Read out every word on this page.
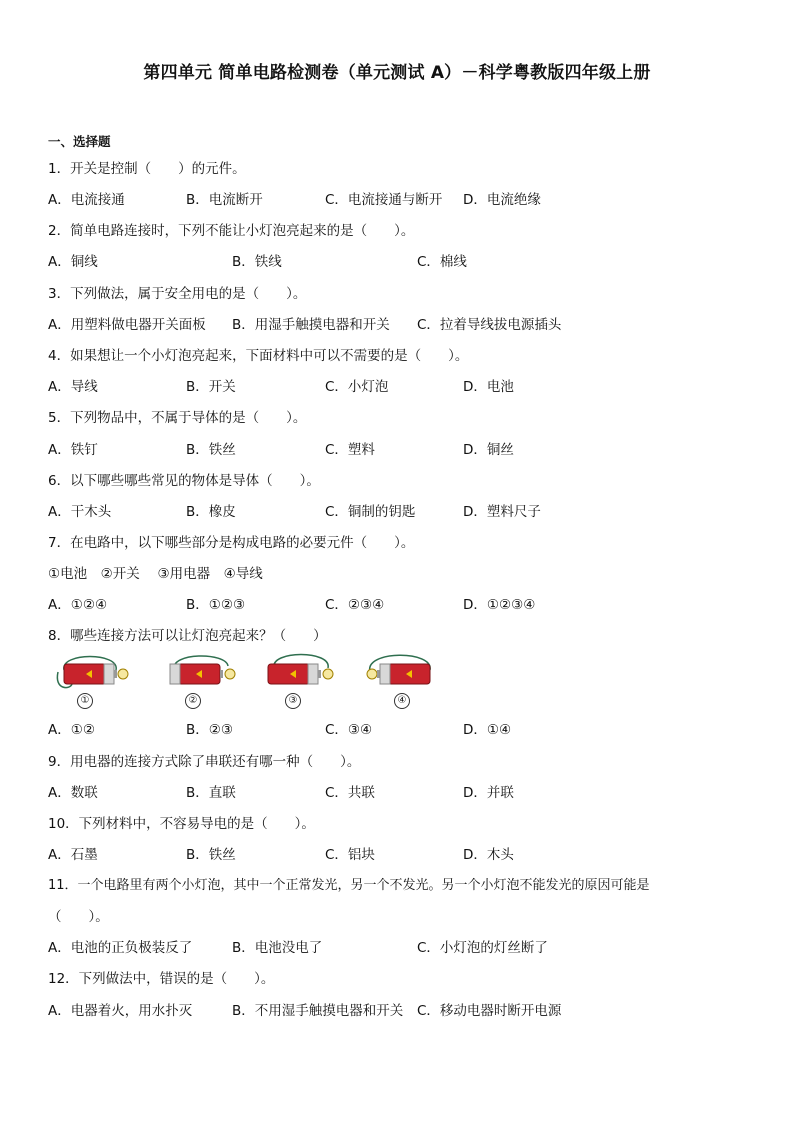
第四单元 简单电路检测卷（单元测试 A）－科学粤教版四年级上册
一、选择题
1．开关是控制（　　）的元件。
A．电流接通	B．电流断开	C．电流接通与断开 D．电流绝缘
2．简单电路连接时，下列不能让小灯泡亮起来的是（　　）。
A．铜线	B．铁线	C．棉线
3．下列做法，属于安全用电的是（　　）。
A．用塑料做电器开关面板 B．用湿手触摸电器和开关 C．拉着导线拔电源插头
4．如果想让一个小灯泡亮起来，下面材料中可以不需要的是（　　）。
A．导线	B．开关	C．小灯泡	D．电池
5．下列物品中，不属于导体的是（　　）。
A．铁钉	B．铁丝	C．塑料	D．铜丝
6．以下哪些哪些常见的物体是导体（　　）。
A．干木头	B．橡皮	C．铜制的钥匙	D．塑料尺子
7．在电路中，以下哪些部分是构成电路的必要元件（　　）。
①电池　②开关　 ③用电器　④导线
A．①②④	B．①②③	C．②③④	D．①②③④
8．哪些连接方法可以让灯泡亮起来？（　　）
①	②	③	④
A．①②	B．②③	C．③④	D．①④
9．用电器的连接方式除了串联还有哪一种（　　）。
A．数联	B．直联	C．共联	D．并联
10．下列材料中，不容易导电的是（　　）。
A．石墨	B．铁丝	C．铝块	D．木头
11．一个电路里有两个小灯泡，其中一个正常发光，另一个不发光。另一个小灯泡不能发光的原因可能是
（　　）。
A．电池的正负极装反了	B．电池没电了	C．小灯泡的灯丝断了
12．下列做法中，错误的是（　　）。
A．电器着火，用水扑灭	B．不用湿手触摸电器和开关 C．移动电器时断开电源
